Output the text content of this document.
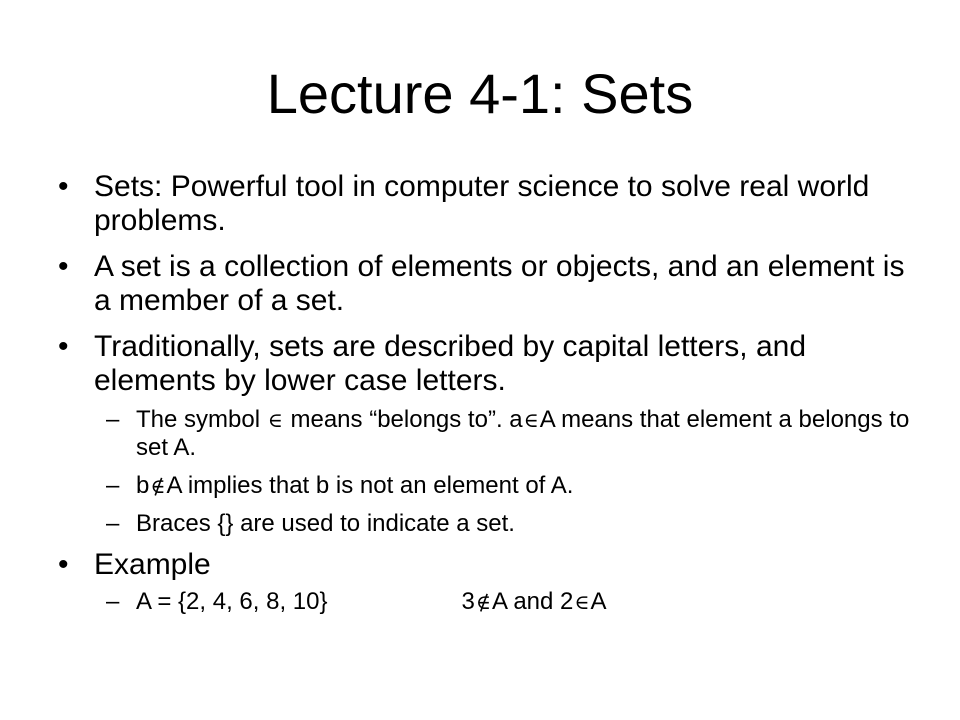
Lecture 4-1: Sets
• Sets: Powerful tool in computer science to solve real world problems.
• A set is a collection of elements or objects, and an element is a member of a set.
• Traditionally, sets are described by capital letters, and elements by lower case letters.
– The symbol ∈ means “belongs to”. a∈A means that element a belongs to set A.
– b∉A implies that b is not an element of A.
– Braces {} are used to indicate a set.
• Example
– A = {2, 4, 6, 8, 10}	3∉A and 2∈A
